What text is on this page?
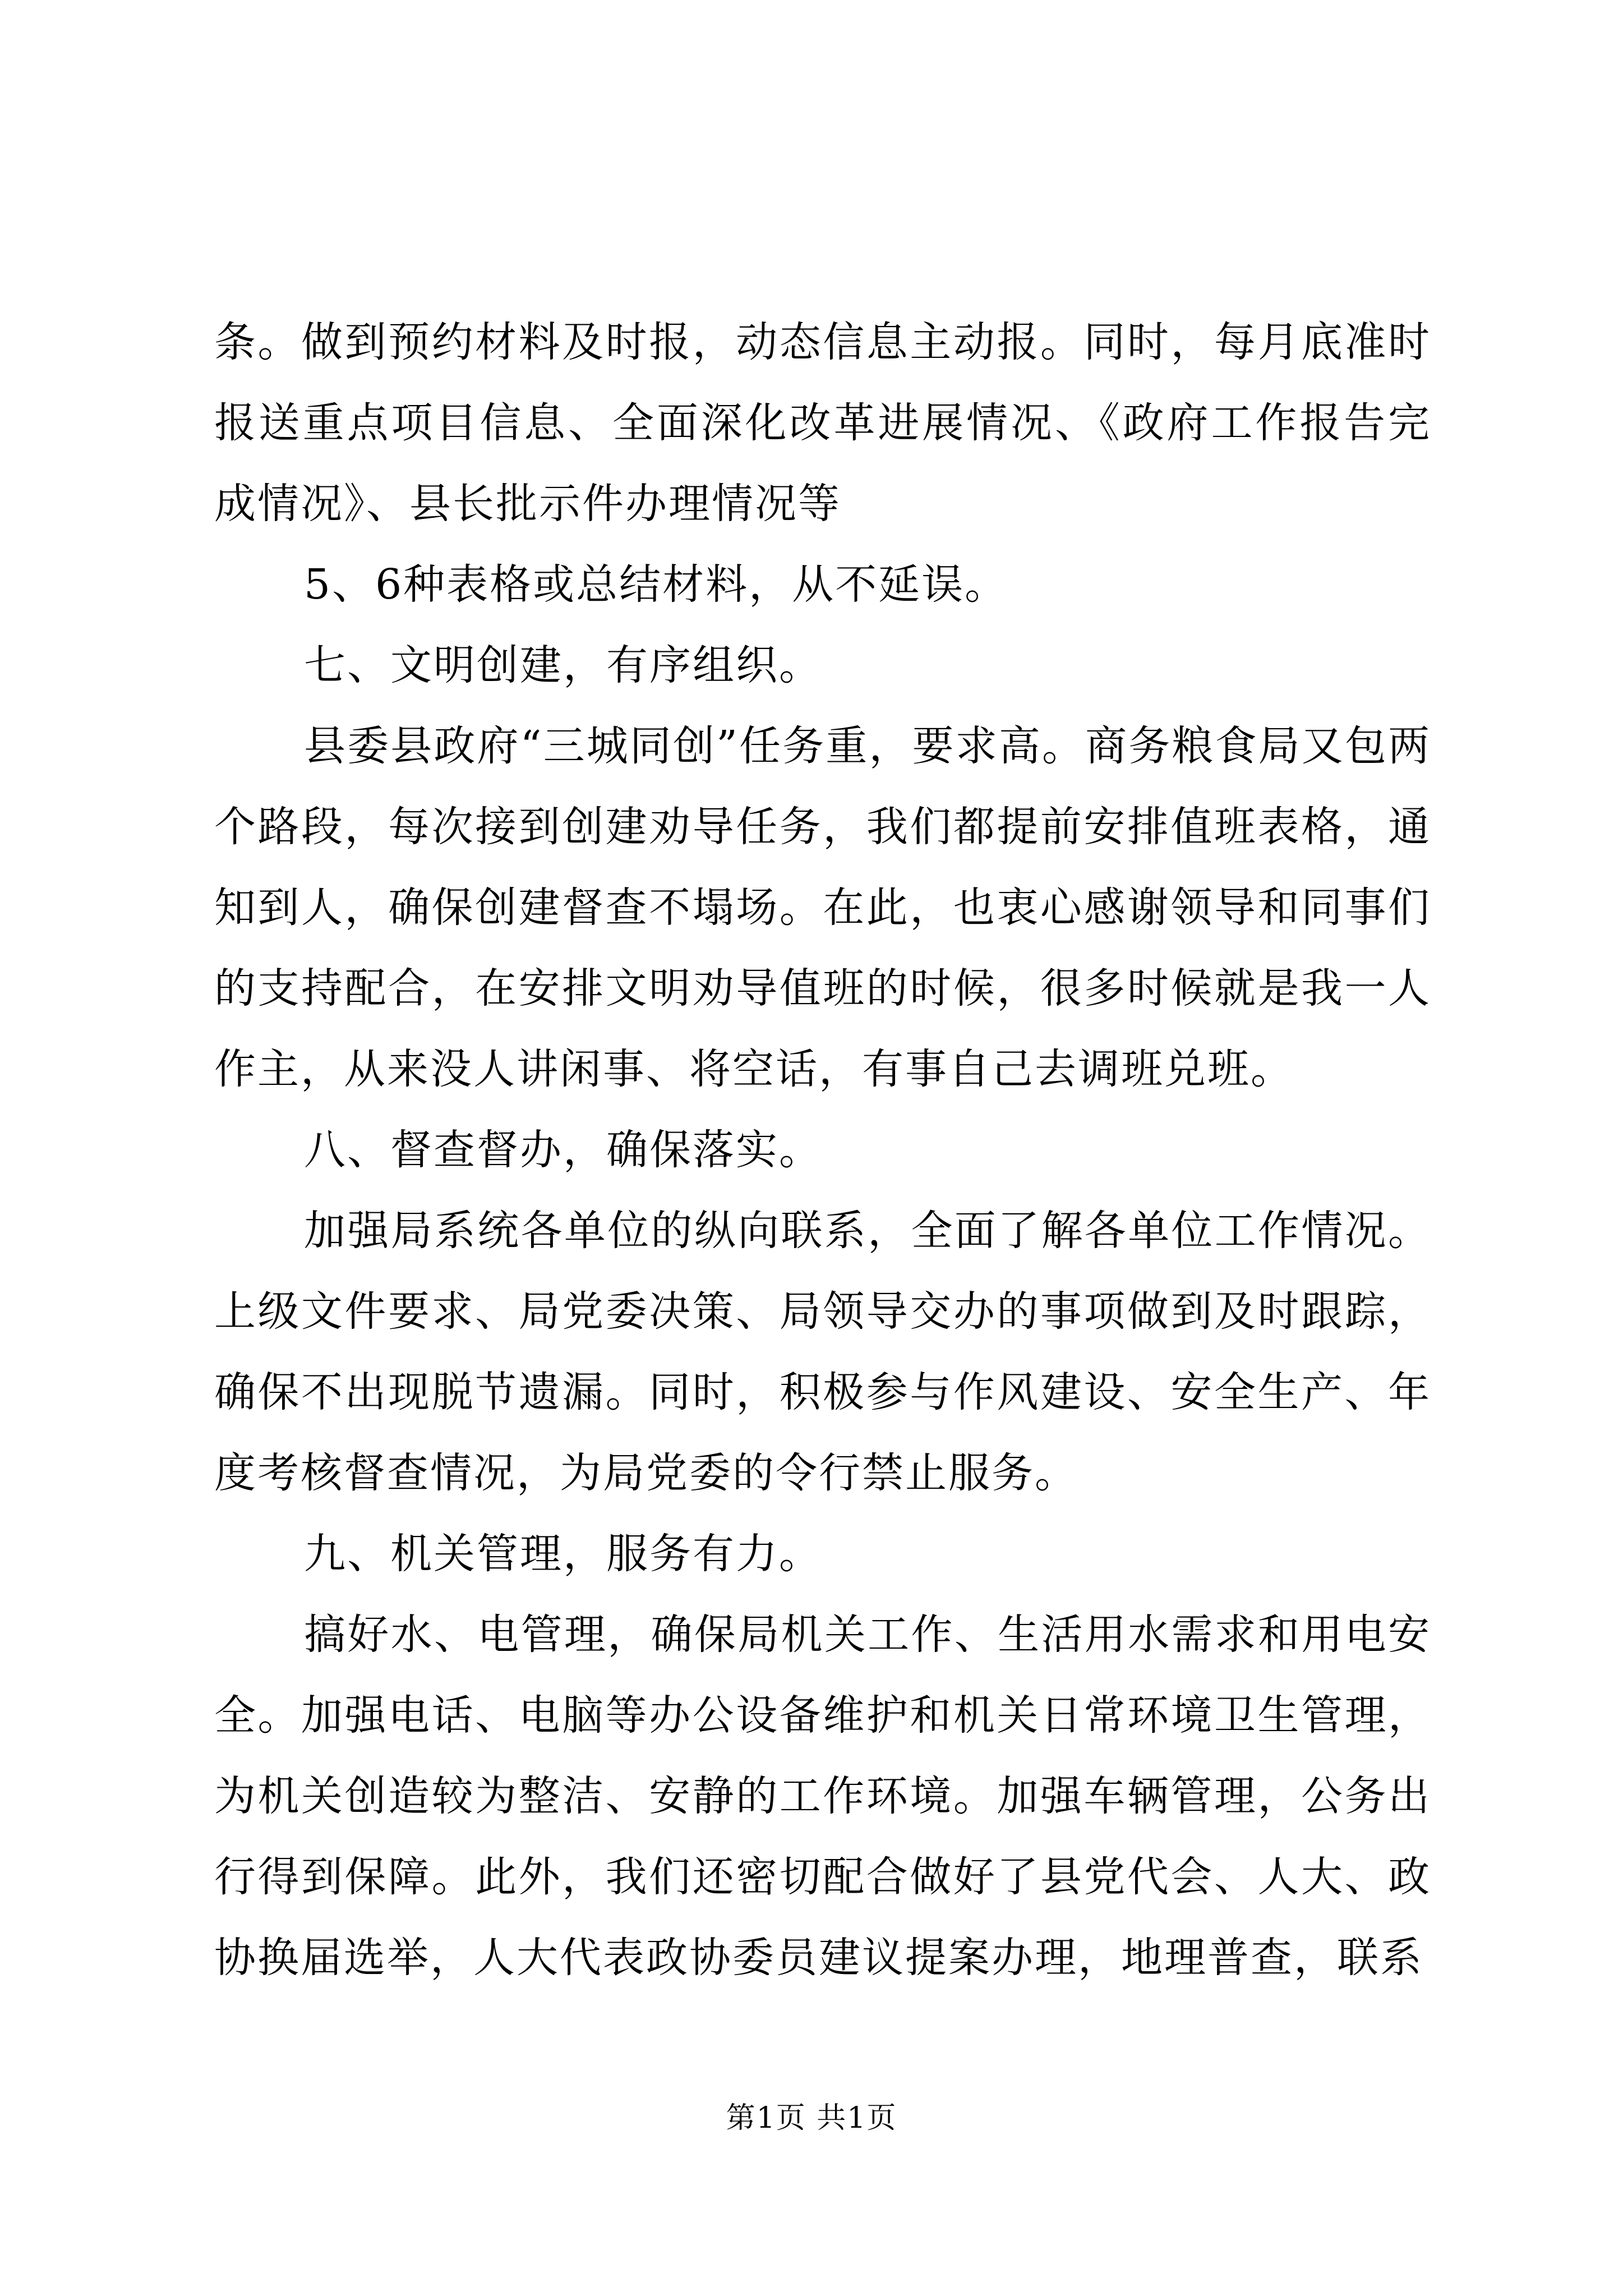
条。做到预约材料及时报，动态信息主动报。同时，每月底准时报送重点项目信息、全面深化改革进展情况、《政府工作报告完成情况》、县长批示件办理情况等

5、6种表格或总结材料，从不延误。

七、文明创建，有序组织。

县委县政府“三城同创”任务重，要求高。商务粮食局又包两个路段，每次接到创建劝导任务，我们都提前安排值班表格，通知到人，确保创建督查不塌场。在此，也衷心感谢领导和同事们的支持配合，在安排文明劝导值班的时候，很多时候就是我一人作主，从来没人讲闲事、将空话，有事自己去调班兑班。

八、督查督办，确保落实。

加强局系统各单位的纵向联系，全面了解各单位工作情况。上级文件要求、局党委决策、局领导交办的事项做到及时跟踪，确保不出现脱节遗漏。同时，积极参与作风建设、安全生产、年度考核督查情况，为局党委的令行禁止服务。

九、机关管理，服务有力。

搞好水、电管理，确保局机关工作、生活用水需求和用电安全。加强电话、电脑等办公设备维护和机关日常环境卫生管理，为机关创造较为整洁、安静的工作环境。加强车辆管理，公务出行得到保障。此外，我们还密切配合做好了县党代会、人大、政协换届选举，人大代表政协委员建议提案办理，地理普查，联系

第1页 共1页
